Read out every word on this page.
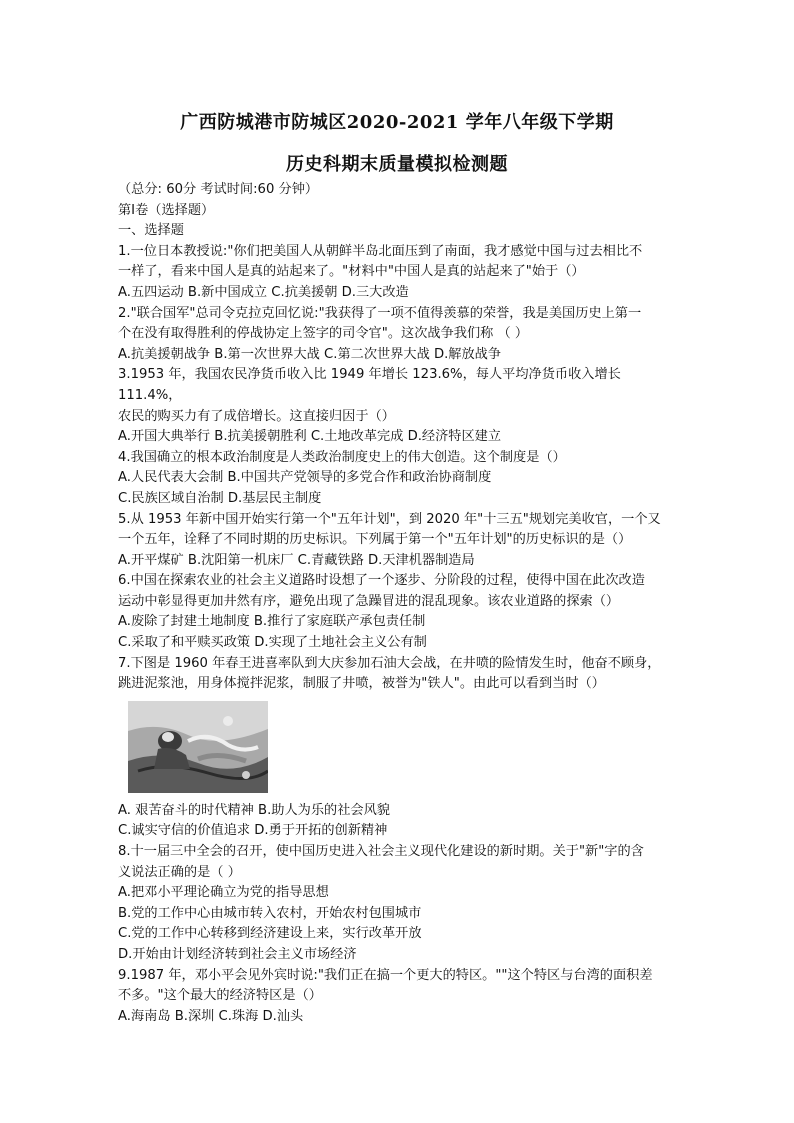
广西防城港市防城区2020-2021 学年八年级下学期
历史科期末质量模拟检测题

（总分: 60分 考试时间:60 分钟）

第Ⅰ卷（选择题）

一、选择题

1.一位日本教授说:"你们把美国人从朝鲜半岛北面压到了南面，我才感觉中国与过去相比不

一样了，看来中国人是真的站起来了。"材料中"中国人是真的站起来了"始于（）

A.五四运动 B.新中国成立 C.抗美援朝 D.三大改造

2."联合国军"总司令克拉克回忆说:"我获得了一项不值得羡慕的荣誉，我是美国历史上第一

个在没有取得胜利的停战协定上签字的司令官"。这次战争我们称 （ ）

A.抗美援朝战争 B.第一次世界大战 C.第二次世界大战 D.解放战争

3.1953 年，我国农民净货币收入比 1949 年增长 123.6%，每人平均净货币收入增长 111.4%，

农民的购买力有了成倍增长。这直接归因于（）

A.开国大典举行 B.抗美援朝胜利 C.土地改革完成 D.经济特区建立

4.我国确立的根本政治制度是人类政治制度史上的伟大创造。这个制度是（）

A.人民代表大会制 B.中国共产党领导的多党合作和政治协商制度

C.民族区域自治制 D.基层民主制度

5.从 1953 年新中国开始实行第一个"五年计划"，到 2020 年"十三五"规划完美收官，一个又

一个五年，诠释了不同时期的历史标识。下列属于第一个"五年计划"的历史标识的是（）

A.开平煤矿 B.沈阳第一机床厂 C.青藏铁路 D.天津机器制造局

6.中国在探索农业的社会主义道路时设想了一个逐步、分阶段的过程，使得中国在此次改造

运动中彰显得更加井然有序，避免出现了急躁冒进的混乱现象。该农业道路的探索（）

A.废除了封建土地制度 B.推行了家庭联产承包责任制

C.采取了和平赎买政策 D.实现了土地社会主义公有制

7.下图是 1960 年春王进喜率队到大庆参加石油大会战，在井喷的险情发生时，他奋不顾身，

跳进泥浆池，用身体搅拌泥浆，制服了井喷，被誉为"铁人"。由此可以看到当时（）

A. 艰苦奋斗的时代精神 B.助人为乐的社会风貌

C.诚实守信的价值追求 D.勇于开拓的创新精神

8.十一届三中全会的召开，使中国历史进入社会主义现代化建设的新时期。关于"新"字的含

义说法正确的是（ ）

A.把邓小平理论确立为党的指导思想

B.党的工作中心由城市转入农村，开始农村包围城市

C.党的工作中心转移到经济建设上来，实行改革开放

D.开始由计划经济转到社会主义市场经济

9.1987 年，邓小平会见外宾时说:"我们正在搞一个更大的特区。""这个特区与台湾的面积差

不多。"这个最大的经济特区是（）

A.海南岛 B.深圳 C.珠海 D.汕头
